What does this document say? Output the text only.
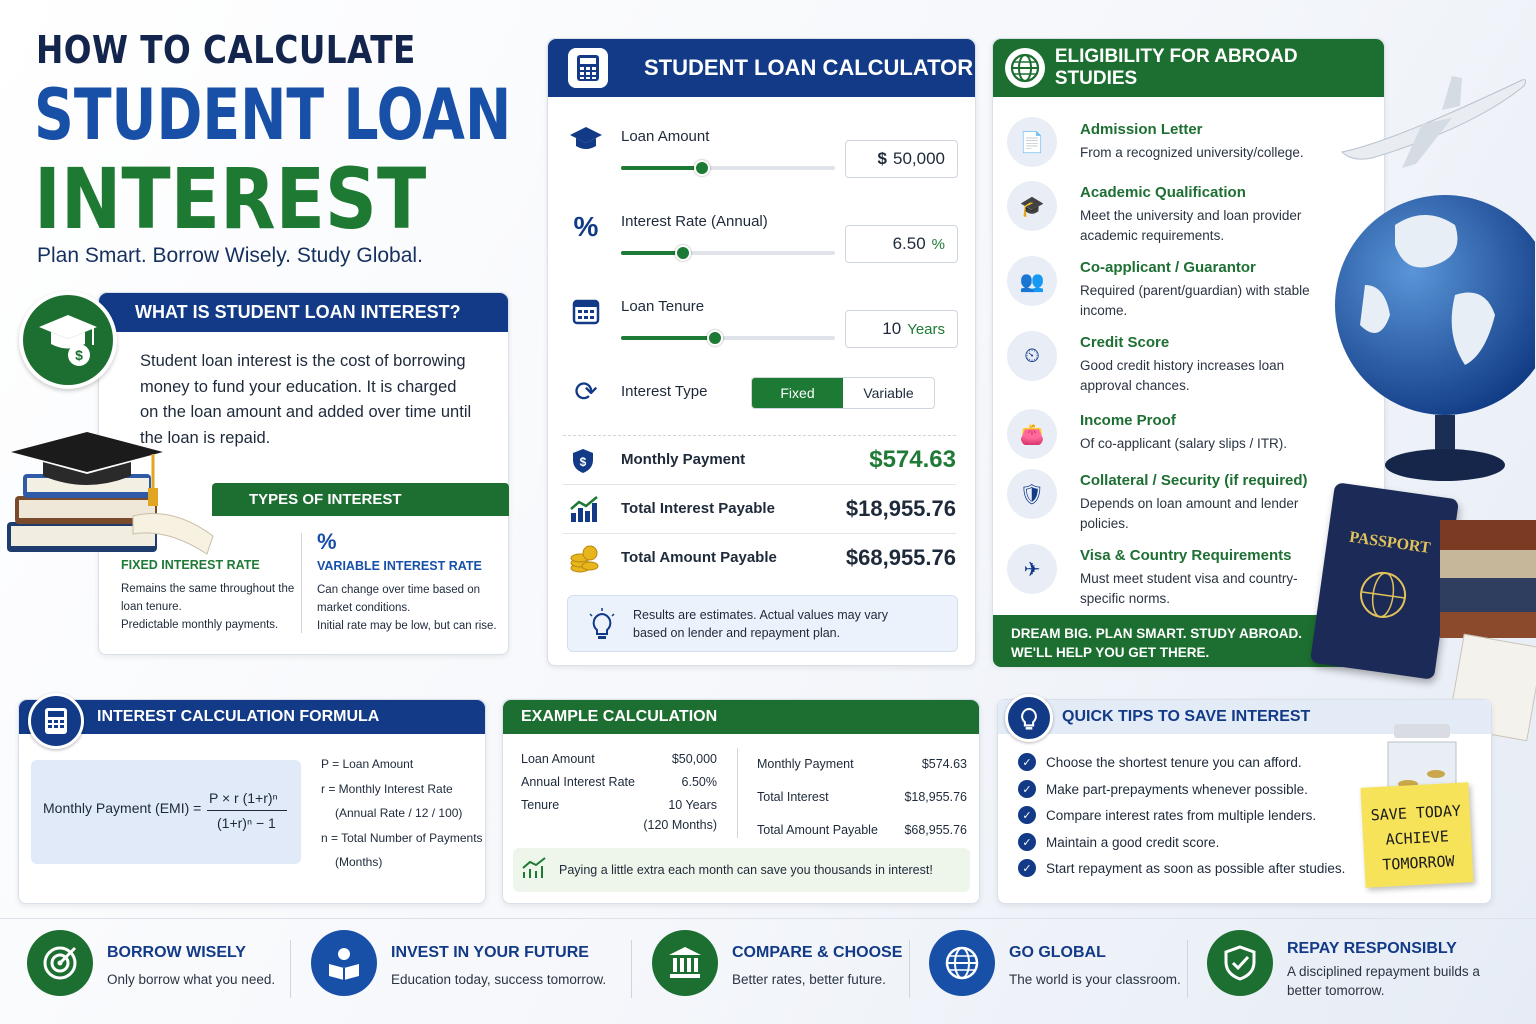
HOW TO CALCULATE
STUDENT LOAN
INTEREST
Plan Smart. Borrow Wisely. Study Global.
WHAT IS STUDENT LOAN INTEREST?
Student loan interest is the cost of borrowing money to fund your education. It is charged on the loan amount and added over time until the loan is repaid.
TYPES OF INTEREST
FIXED INTEREST RATE
Remains the same throughout the loan tenure.
Predictable monthly payments.
%
VARIABLE INTEREST RATE
Can change over time based on market conditions.
Initial rate may be low, but can rise.
$
STUDENT LOAN CALCULATOR
Loan Amount
$ 50,000
%	Interest Rate (Annual)
6.50 %
Loan Tenure
10 Years
⟳	Interest Type	Fixed	Variable
$	Monthly Payment	$574.63
Total Interest Payable	$18,955.76
Total Amount Payable	$68,955.76
Results are estimates. Actual values may vary based on lender and repayment plan.
ELIGIBILITY FOR ABROAD STUDIES
📄
Admission Letter
From a recognized university/college.
🎓
Academic Qualification
Meet the university and loan provider academic requirements.
👥
Co-applicant / Guarantor
Required (parent/guardian) with stable income.
⏲
Credit Score
Good credit history increases loan approval chances.
👛
Income Proof
Of co-applicant (salary slips / ITR).
🛡
Collateral / Security (if required)
Depends on loan amount and lender policies.
✈
Visa & Country Requirements
Must meet student visa and country-specific norms.
DREAM BIG. PLAN SMART. STUDY ABROAD.
WE'LL HELP YOU GET THERE.
PASSPORT
INTEREST CALCULATION FORMULA
Monthly Payment (EMI) =
P × r (1+r)ⁿ
(1+r)ⁿ − 1
P = Loan Amount
r = Monthly Interest Rate
(Annual Rate / 12 / 100)
n = Total Number of Payments
(Months)
EXAMPLE CALCULATION
Loan Amount	$50,000
Annual Interest Rate	6.50%
Tenure	10 Years
(120 Months)
Monthly Payment	$574.63
Total Interest	$18,955.76
Total Amount Payable $68,955.76
Paying a little extra each month can save you thousands in interest!
QUICK TIPS TO SAVE INTEREST
✓	Choose the shortest tenure you can afford.
✓	Make part-prepayments whenever possible.
✓	Compare interest rates from multiple lenders.
✓	Maintain a good credit score.
✓	Start repayment as soon as possible after studies.
SAVE TODAY
ACHIEVE
TOMORROW
BORROW WISELY
Only borrow what you need.
INVEST IN YOUR FUTURE
Education today, success tomorrow.
COMPARE & CHOOSE
Better rates, better future.
GO GLOBAL
The world is your classroom.
REPAY RESPONSIBLY
A disciplined repayment builds a better tomorrow.
